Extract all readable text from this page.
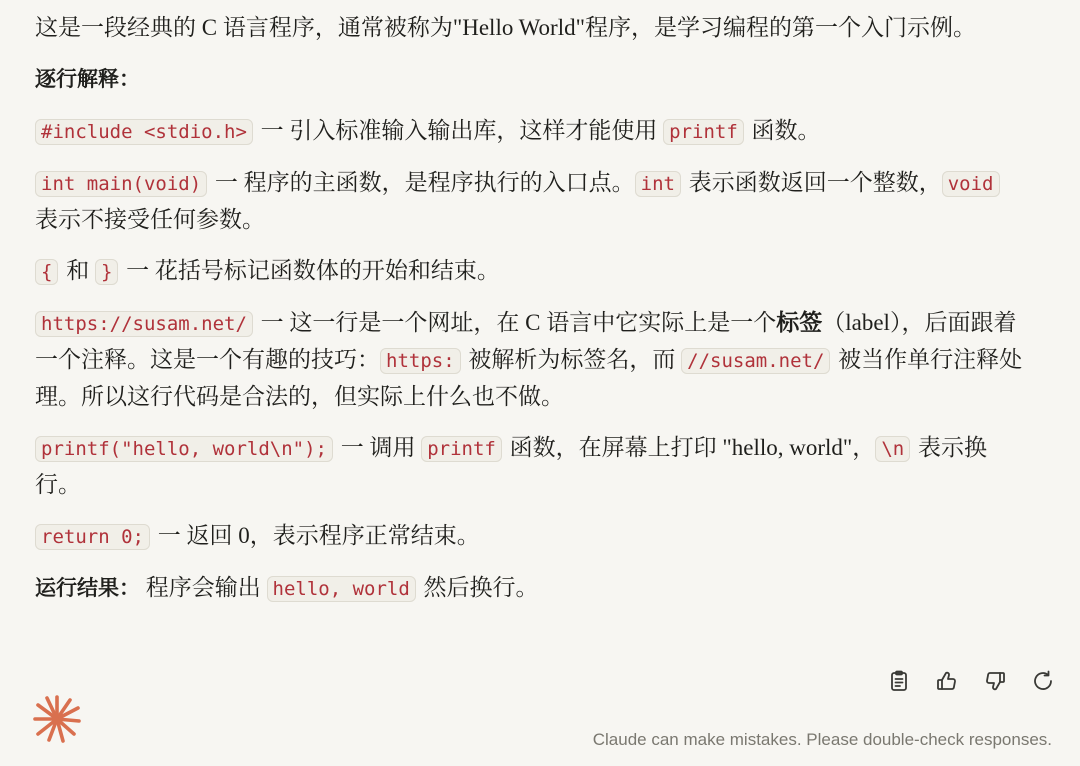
这是一段经典的 C 语言程序，通常被称为"Hello World"程序，是学习编程的第一个入门示例。

逐行解释：

#include <stdio.h> 一 引入标准输入输出库，这样才能使用 printf 函数。

int main(void) 一 程序的主函数，是程序执行的入口点。 int 表示函数返回一个整数， void 表示不接受任何参数。

{ 和 } 一 花括号标记函数体的开始和结束。

https://susam.net/ 一 这一行是一个网址，在 C 语言中它实际上是一个标签（label），后面跟着一个注释。这是一个有趣的技巧： https: 被解析为标签名，而 //susam.net/ 被当作单行注释处理。所以这行代码是合法的，但实际上什么也不做。

printf("hello, world\n"); 一 调用 printf 函数，在屏幕上打印 "hello, world"， \n 表示换行。

return 0; 一 返回 0，表示程序正常结束。

运行结果： 程序会输出 hello, world 然后换行。

Claude can make mistakes. Please double-check responses.
